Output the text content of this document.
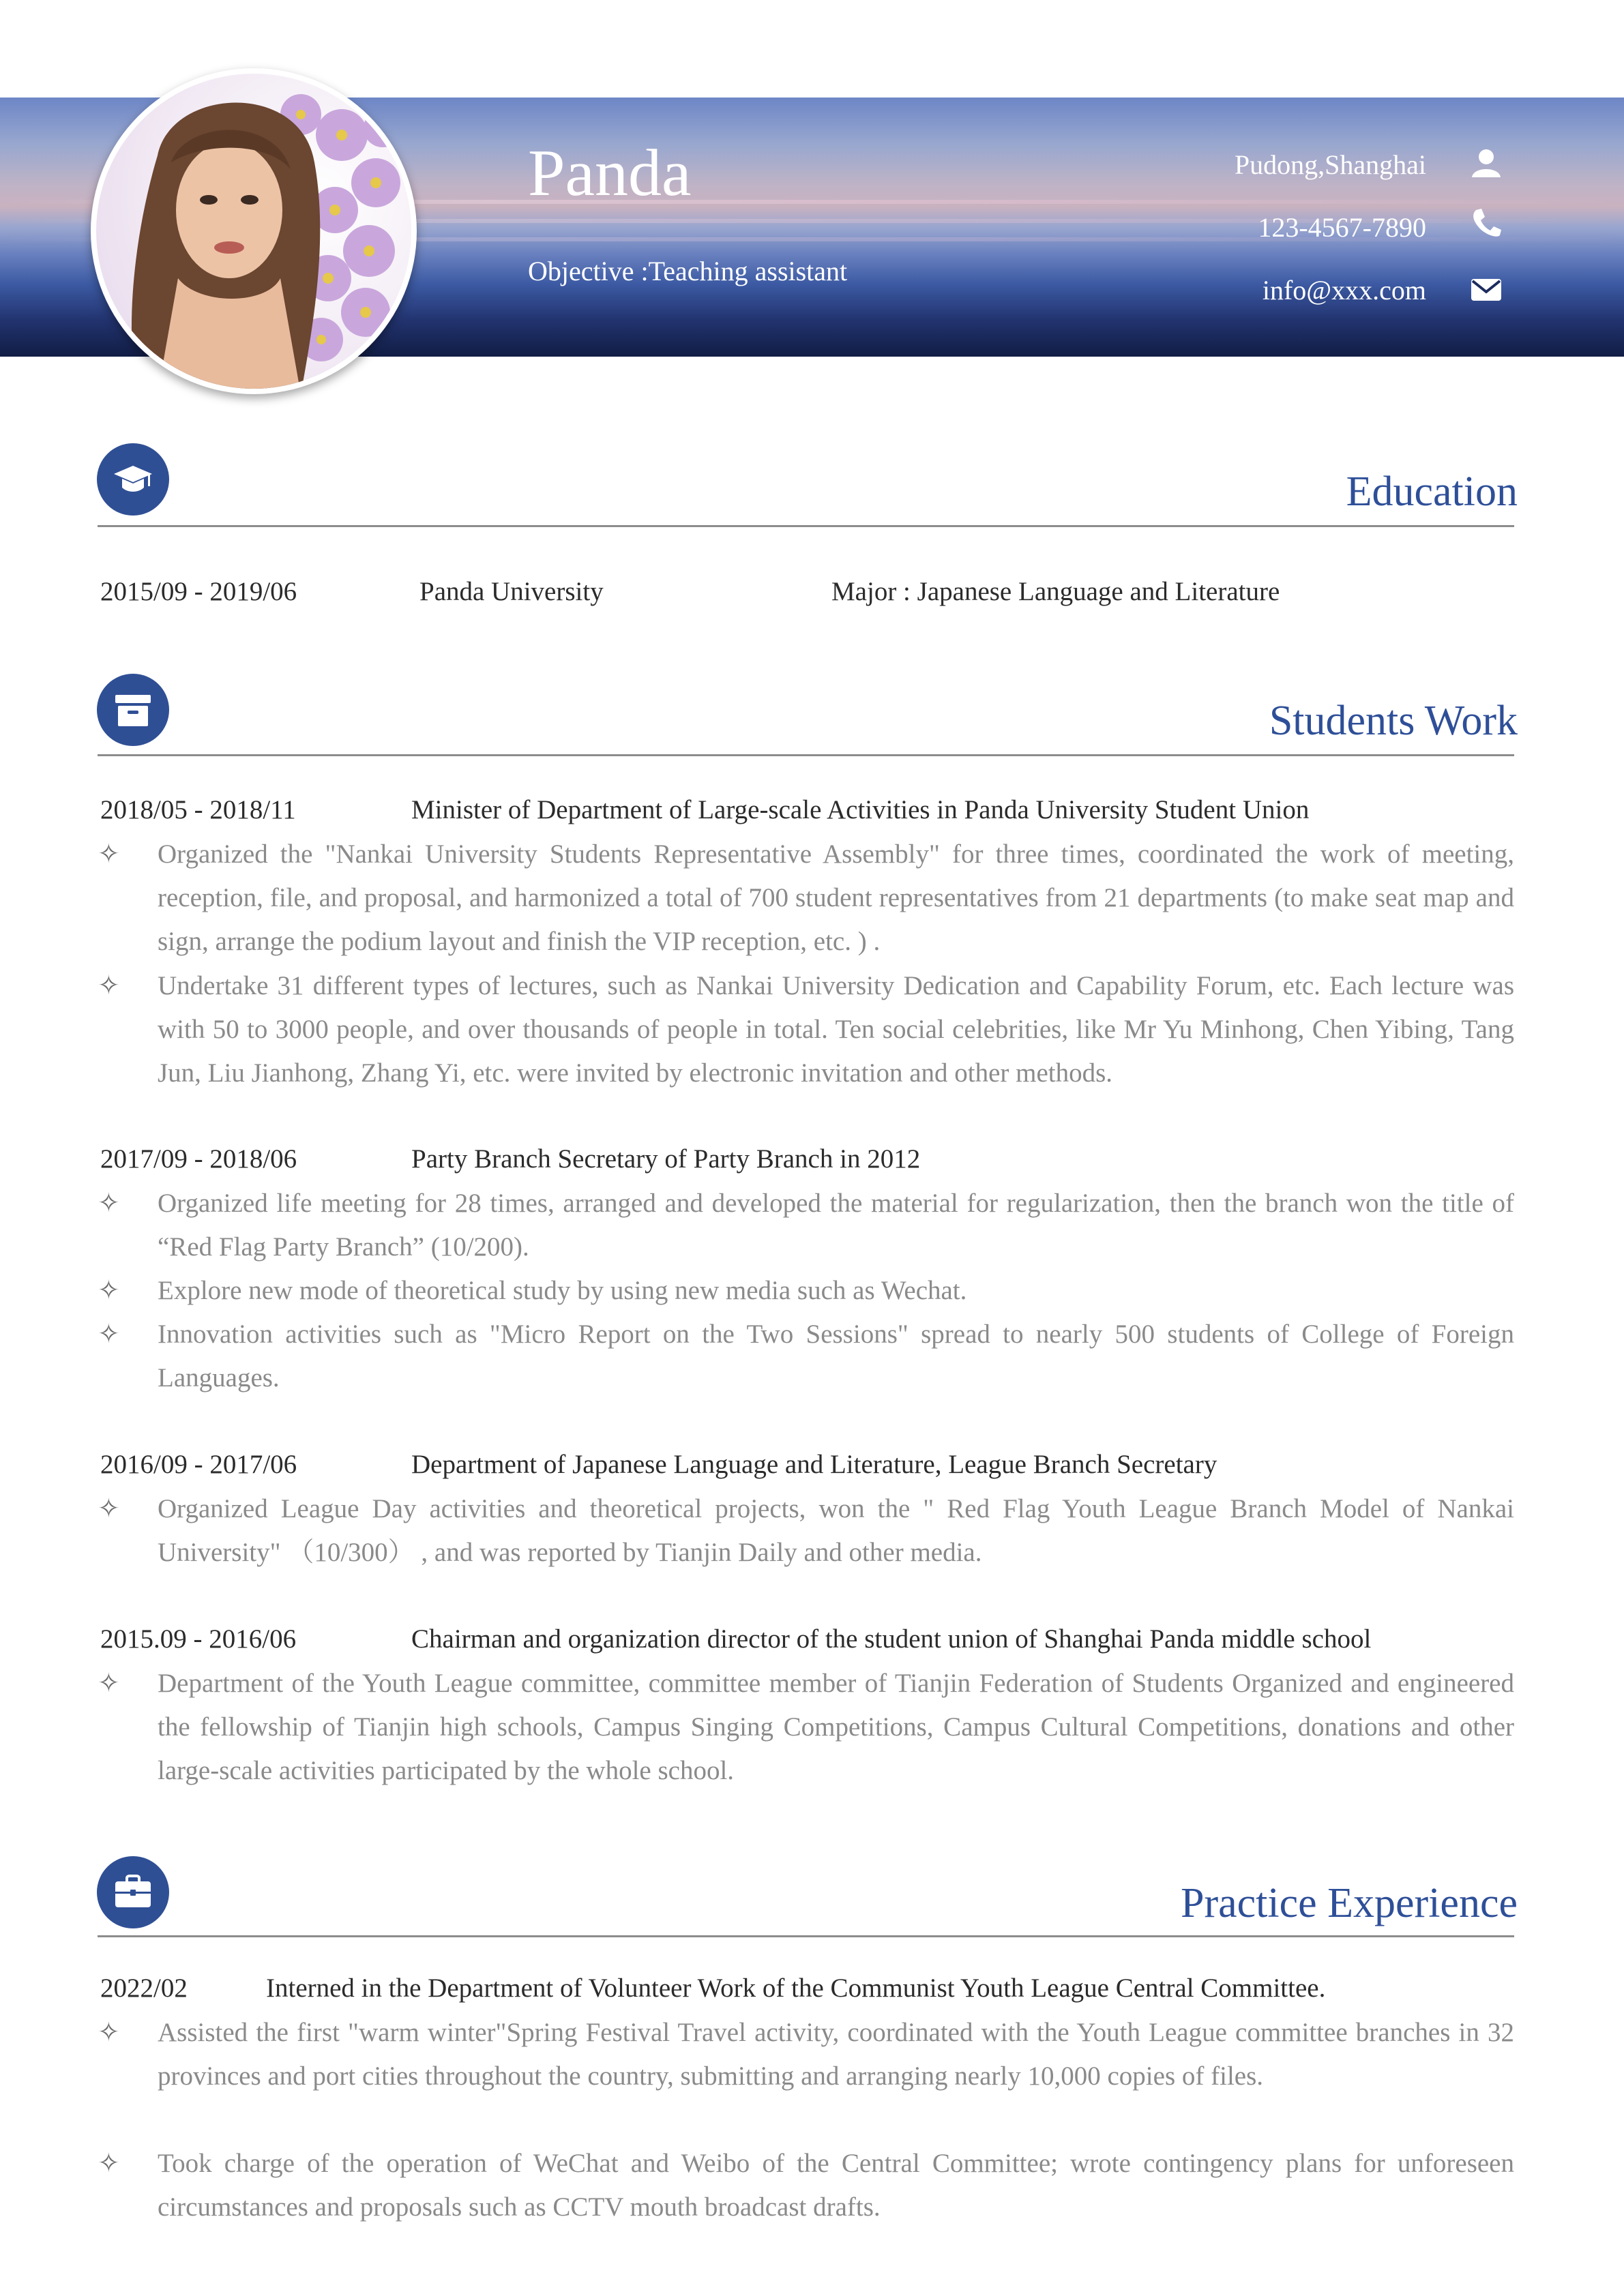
Panda
Objective :Teaching assistant
Pudong,Shanghai
123-4567-7890
info@xxx.com
Education
2015/09 - 2019/06	Panda University	Major : Japanese Language and Literature
Students Work
2018/05 - 2018/11	Minister of Department of Large-scale Activities in Panda University Student Union
✧ Organized the "Nankai University Students Representative Assembly" for three times, coordinated the work of meeting, reception, file, and proposal, and harmonized a total of 700 student representatives from 21 departments (to make seat map and sign, arrange the podium layout and finish the VIP reception, etc. ) .
✧ Undertake 31 different types of lectures, such as Nankai University Dedication and Capability Forum, etc. Each lecture was with 50 to 3000 people, and over thousands of people in total. Ten social celebrities, like Mr Yu Minhong, Chen Yibing, Tang Jun, Liu Jianhong, Zhang Yi, etc. were invited by electronic invitation and other methods.
2017/09 - 2018/06	Party Branch Secretary of Party Branch in 2012
✧ Organized life meeting for 28 times, arranged and developed the material for regularization, then the branch won the title of “Red Flag Party Branch” (10/200).
✧ Explore new mode of theoretical study by using new media such as Wechat.
✧ Innovation activities such as "Micro Report on the Two Sessions" spread to nearly 500 students of College of Foreign Languages.
2016/09 - 2017/06	Department of Japanese Language and Literature, League Branch Secretary
✧ Organized League Day activities and theoretical projects, won the " Red Flag Youth League Branch Model of Nankai University" （10/300） , and was reported by Tianjin Daily and other media.
2015.09 - 2016/06	Chairman and organization director of the student union of Shanghai Panda middle school
✧ Department of the Youth League committee, committee member of Tianjin Federation of Students Organized and engineered the fellowship of Tianjin high schools, Campus Singing Competitions, Campus Cultural Competitions, donations and other large-scale activities participated by the whole school.
Practice Experience
2022/02	Interned in the Department of Volunteer Work of the Communist Youth League Central Committee.
✧ Assisted the first "warm winter"Spring Festival Travel activity, coordinated with the Youth League committee branches in 32 provinces and port cities throughout the country, submitting and arranging nearly 10,000 copies of files.
✧ Took charge of the operation of WeChat and Weibo of the Central Committee; wrote contingency plans for unforeseen circumstances and proposals such as CCTV mouth broadcast drafts.
